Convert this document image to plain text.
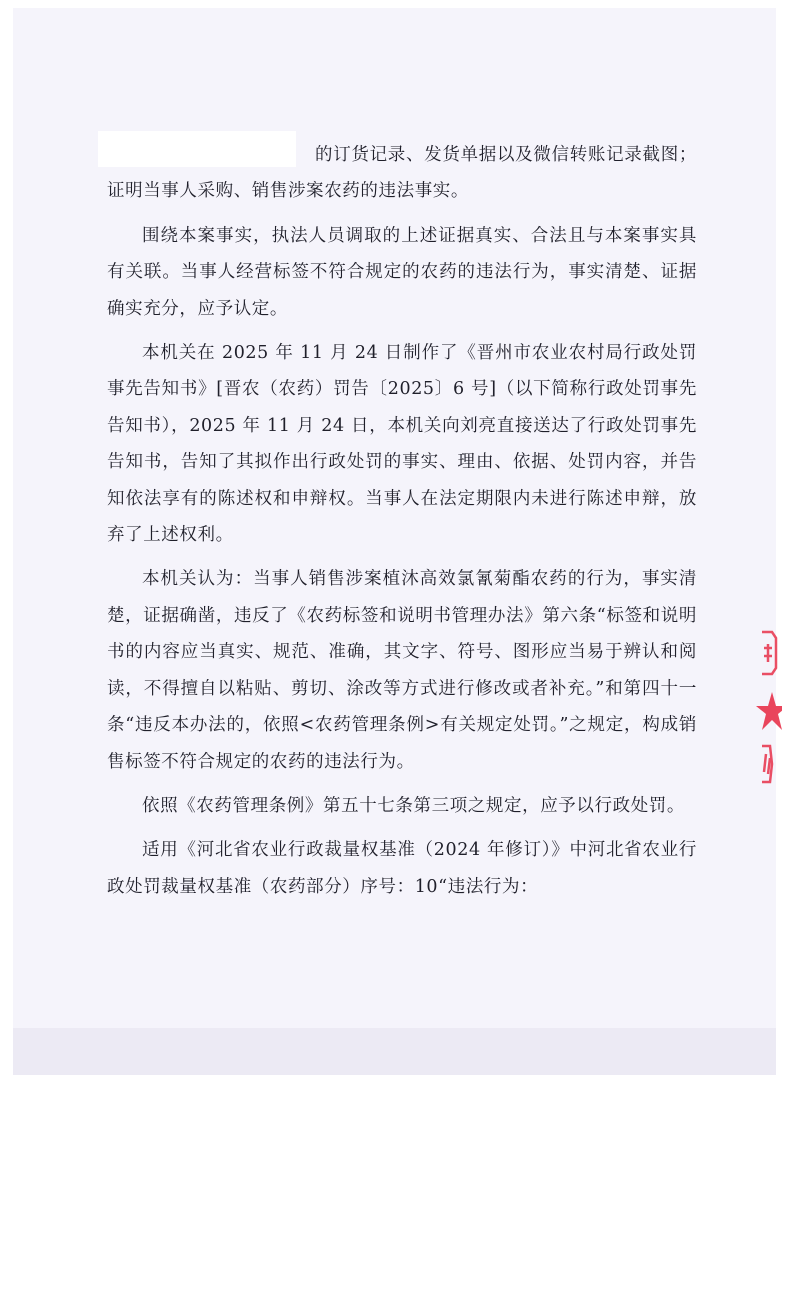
的订货记录、发货单据以及微信转账记录截图；证明当事人采购、销售涉案农药的违法事实。

围绕本案事实，执法人员调取的上述证据真实、合法且与本案事实具有关联。当事人经营标签不符合规定的农药的违法行为，事实清楚、证据确实充分，应予认定。

本机关在 2025 年 11 月 24 日制作了《晋州市农业农村局行政处罚事先告知书》[晋农（农药）罚告〔2025〕6 号]（以下简称行政处罚事先告知书），2025 年 11 月 24 日，本机关向刘亮直接送达了行政处罚事先告知书，告知了其拟作出行政处罚的事实、理由、依据、处罚内容，并告知依法享有的陈述权和申辩权。当事人在法定期限内未进行陈述申辩，放弃了上述权利。

本机关认为：当事人销售涉案植沐高效氯氰菊酯农药的行为，事实清楚，证据确凿，违反了《农药标签和说明书管理办法》第六条“标签和说明书的内容应当真实、规范、准确，其文字、符号、图形应当易于辨认和阅读，不得擅自以粘贴、剪切、涂改等方式进行修改或者补充。”和第四十一条“违反本办法的，依照<农药管理条例>有关规定处罚。”之规定，构成销售标签不符合规定的农药的违法行为。

依照《农药管理条例》第五十七条第三项之规定，应予以行政处罚。

适用《河北省农业行政裁量权基准（2024 年修订）》中河北省农业行政处罚裁量权基准（农药部分）序号：10“违法行为：
